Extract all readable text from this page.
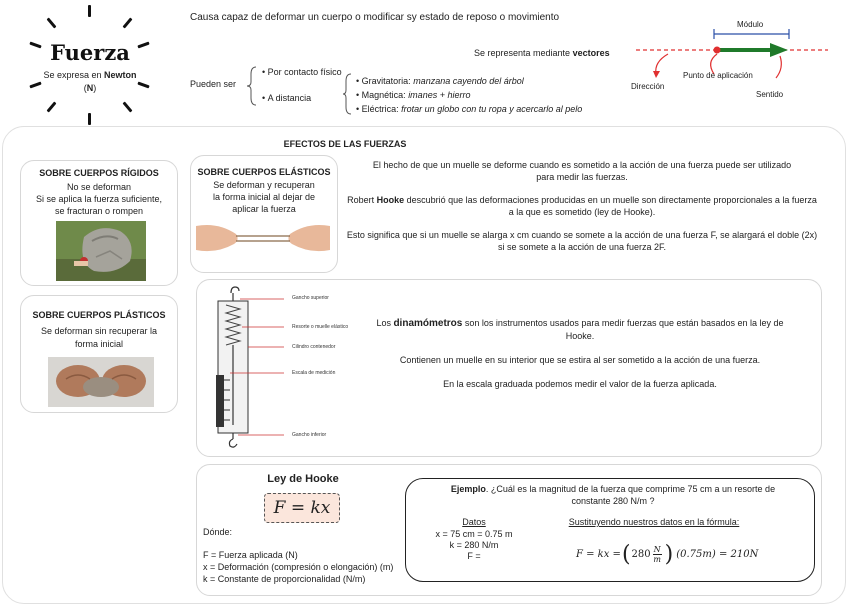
Fuerza
Se expresa en Newton
(N)
Causa capaz de deformar un cuerpo o modificar sy estado de reposo o movimiento
Se representa mediante vectores
Módulo
Dirección
Punto de aplicación
Sentido
Pueden ser
• Por contacto físico
• A distancia
• Gravitatoria: manzana cayendo del árbol
• Magnética: imanes + hierro
• Eléctrica: frotar un globo con tu ropa y acercarlo al pelo
EFECTOS DE LAS FUERZAS
SOBRE CUERPOS RÍGIDOS
No se deforman
Si se aplica la fuerza suficiente,
se fracturan o rompen
SOBRE CUERPOS PLÁSTICOS
Se deforman sin recuperar la
forma inicial
SOBRE CUERPOS ELÁSTICOS
Se deforman y recuperan
la forma inicial al dejar de
aplicar la fuerza
El hecho de que un muelle se deforme cuando es sometido a la acción de una fuerza puede ser utilizado para medir las fuerzas.
Robert Hooke descubrió que las deformaciones producidas en un muelle son directamente proporcionales a la fuerza a la que es sometido (ley de Hooke).
Esto significa que si un muelle se alarga x cm cuando se somete a la acción de una fuerza F, se alargará el doble (2x) si se somete a la acción de una fuerza 2F.
Gancho superior
Resorte o muelle elástico
Cilindro contenedor
Escala de medición
Gancho inferior
Los dinamómetros son los instrumentos usados para medir fuerzas que están basados en la ley de Hooke.
Contienen un muelle en su interior que se estira al ser sometido a la acción de una fuerza.
En la escala graduada podemos medir el valor de la fuerza aplicada.
Ley de Hooke
F = kx
Dónde:
F = Fuerza aplicada (N)
x = Deformación (compresión o elongación) (m)
k = Constante de proporcionalidad (N/m)
Ejemplo. ¿Cuál es la magnitud de la fuerza que comprime 75 cm a un resorte de constante 280 N/m ?
Datos
x = 75 cm = 0.75 m
k = 280 N/m
F =
Sustituyendo nuestros datos en la fórmula:
F = kx = ( $280 \frac{N}{m}$ ) (0.75m) = 210N
